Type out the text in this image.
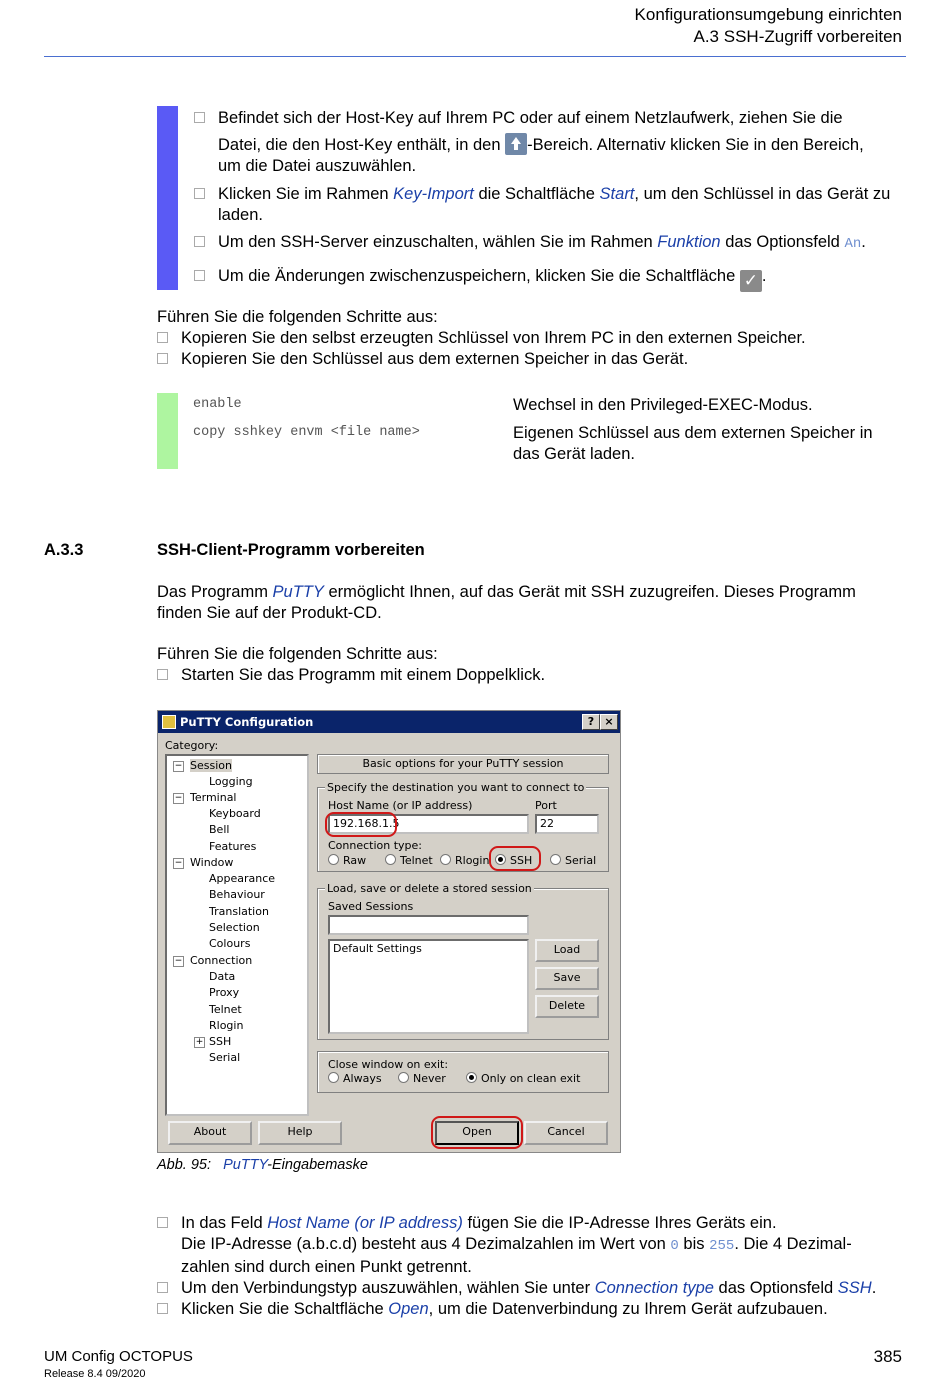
Konfigurationsumgebung einrichten
A.3 SSH-Zugriff vorbereiten
Befindet sich der Host-Key auf Ihrem PC oder auf einem Netzlaufwerk, ziehen Sie die
Datei, die den Host-Key enthält, in den -Bereich. Alternativ klicken Sie in den Bereich,
um die Datei auszuwählen.
Klicken Sie im Rahmen Key-Import die Schaltfläche Start, um den Schlüssel in das Gerät zu
laden.
Um den SSH-Server einzuschalten, wählen Sie im Rahmen Funktion das Optionsfeld An.
Um die Änderungen zwischenzuspeichern, klicken Sie die Schaltfläche ✓ .
Führen Sie die folgenden Schritte aus:
Kopieren Sie den selbst erzeugten Schlüssel von Ihrem PC in den externen Speicher.
Kopieren Sie den Schlüssel aus dem externen Speicher in das Gerät.
enable	Wechsel in den Privileged-EXEC-Modus.
copy sshkey envm <file name>	Eigenen Schlüssel aus dem externen Speicher in
das Gerät laden.
A.3.3	SSH-Client-Programm vorbereiten
Das Programm PuTTY ermöglicht Ihnen, auf das Gerät mit SSH zuzugreifen. Dieses Programm
finden Sie auf der Produkt-CD.
Führen Sie die folgenden Schritte aus:
Starten Sie das Programm mit einem Doppelklick.
PuTTY Configuration	? ×
Category:
− Session
Logging
− Terminal
Keyboard
Bell
Features
− Window
Appearance
Behaviour
Translation
Selection
Colours
− Connection
Data
Proxy
Telnet
Rlogin
+ SSH
Serial
Basic options for your PuTTY session
Specify the destination you want to connect to
Host Name (or IP address)
192.168.1.5
Port
22
Connection type:
Raw	Telnet	Rlogin	SSH	Serial
Load, save or delete a stored session
Saved Sessions
Default Settings	Load
Save
Delete
Close window on exit:
Always	Never	Only on clean exit
About	Help	Open	Cancel
Abb. 95: PuTTY-Eingabemaske
In das Feld Host Name (or IP address) fügen Sie die IP-Adresse Ihres Geräts ein.
Die IP-Adresse (a.b.c.d) besteht aus 4 Dezimalzahlen im Wert von 0 bis 255. Die 4 Dezimal-
zahlen sind durch einen Punkt getrennt.
Um den Verbindungstyp auszuwählen, wählen Sie unter Connection type das Optionsfeld SSH.
Klicken Sie die Schaltfläche Open, um die Datenverbindung zu Ihrem Gerät aufzubauen.
UM Config OCTOPUS
Release 8.4 09/2020
385
